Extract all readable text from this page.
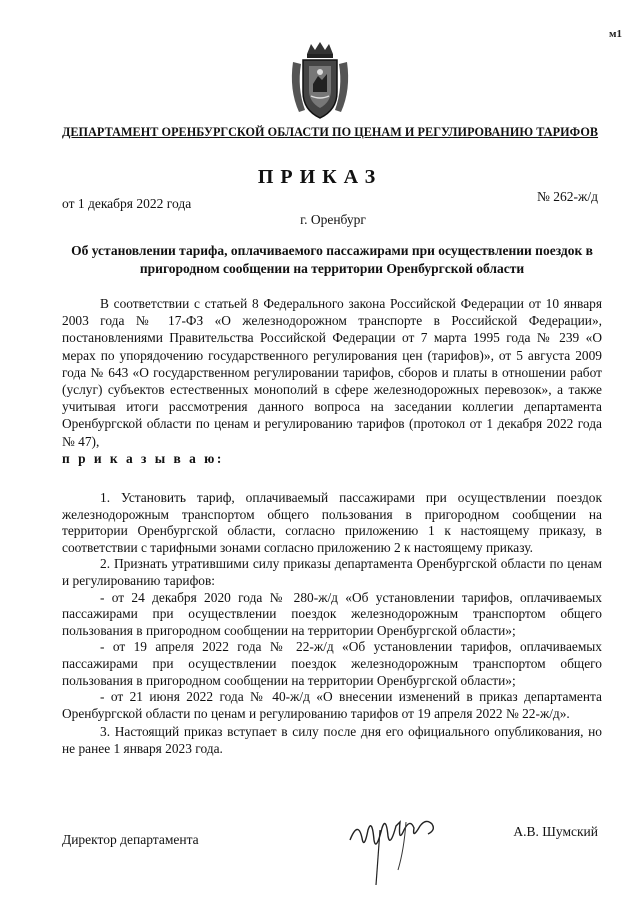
м1
ДЕПАРТАМЕНТ ОРЕНБУРГСКОЙ ОБЛАСТИ ПО ЦЕНАМ И РЕГУЛИРОВАНИЮ ТАРИФОВ
ПРИКАЗ
от 1 декабря 2022 года	№ 262-ж/д
г. Оренбург
Об установлении тарифа, оплачиваемого пассажирами при осуществлении поездок в пригородном сообщении на территории Оренбургской области

В соответствии с статьей 8 Федерального закона Российской Федерации от 10 января 2003 года № 17-ФЗ «О железнодорожном транспорте в Российской Федерации», постановлениями Правительства Российской Федерации от 7 марта 1995 года № 239 «О мерах по упорядочению государственного регулирования цен (тарифов)», от 5 августа 2009 года № 643 «О государственном регулировании тарифов, сборов и платы в отношении работ (услуг) субъектов естественных монополий в сфере железнодорожных перевозок», а также учитывая итоги рассмотрения данного вопроса на заседании коллегии департамента Оренбургской области по ценам и регулированию тарифов (протокол от 1 декабря 2022 года № 47),

п р и к а з ы в а ю:

1. Установить тариф, оплачиваемый пассажирами при осуществлении поездок железнодорожным транспортом общего пользования в пригородном сообщении на территории Оренбургской области, согласно приложению 1 к настоящему приказу, в соответствии с тарифными зонами согласно приложению 2 к настоящему приказу.

2. Признать утратившими силу приказы департамента Оренбургской области по ценам и регулированию тарифов:

- от 24 декабря 2020 года № 280-ж/д «Об установлении тарифов, оплачиваемых пассажирами при осуществлении поездок железнодорожным транспортом общего пользования в пригородном сообщении на территории Оренбургской области»;

- от 19 апреля 2022 года № 22-ж/д «Об установлении тарифов, оплачиваемых пассажирами при осуществлении поездок железнодорожным транспортом общего пользования в пригородном сообщении на территории Оренбургской области»;

- от 21 июня 2022 года № 40-ж/д «О внесении изменений в приказ департамента Оренбургской области по ценам и регулированию тарифов от 19 апреля 2022 № 22-ж/д».

3. Настоящий приказ вступает в силу после дня его официального опубликования, но не ранее 1 января 2023 года.

Директор департамента
А.В. Шумский
